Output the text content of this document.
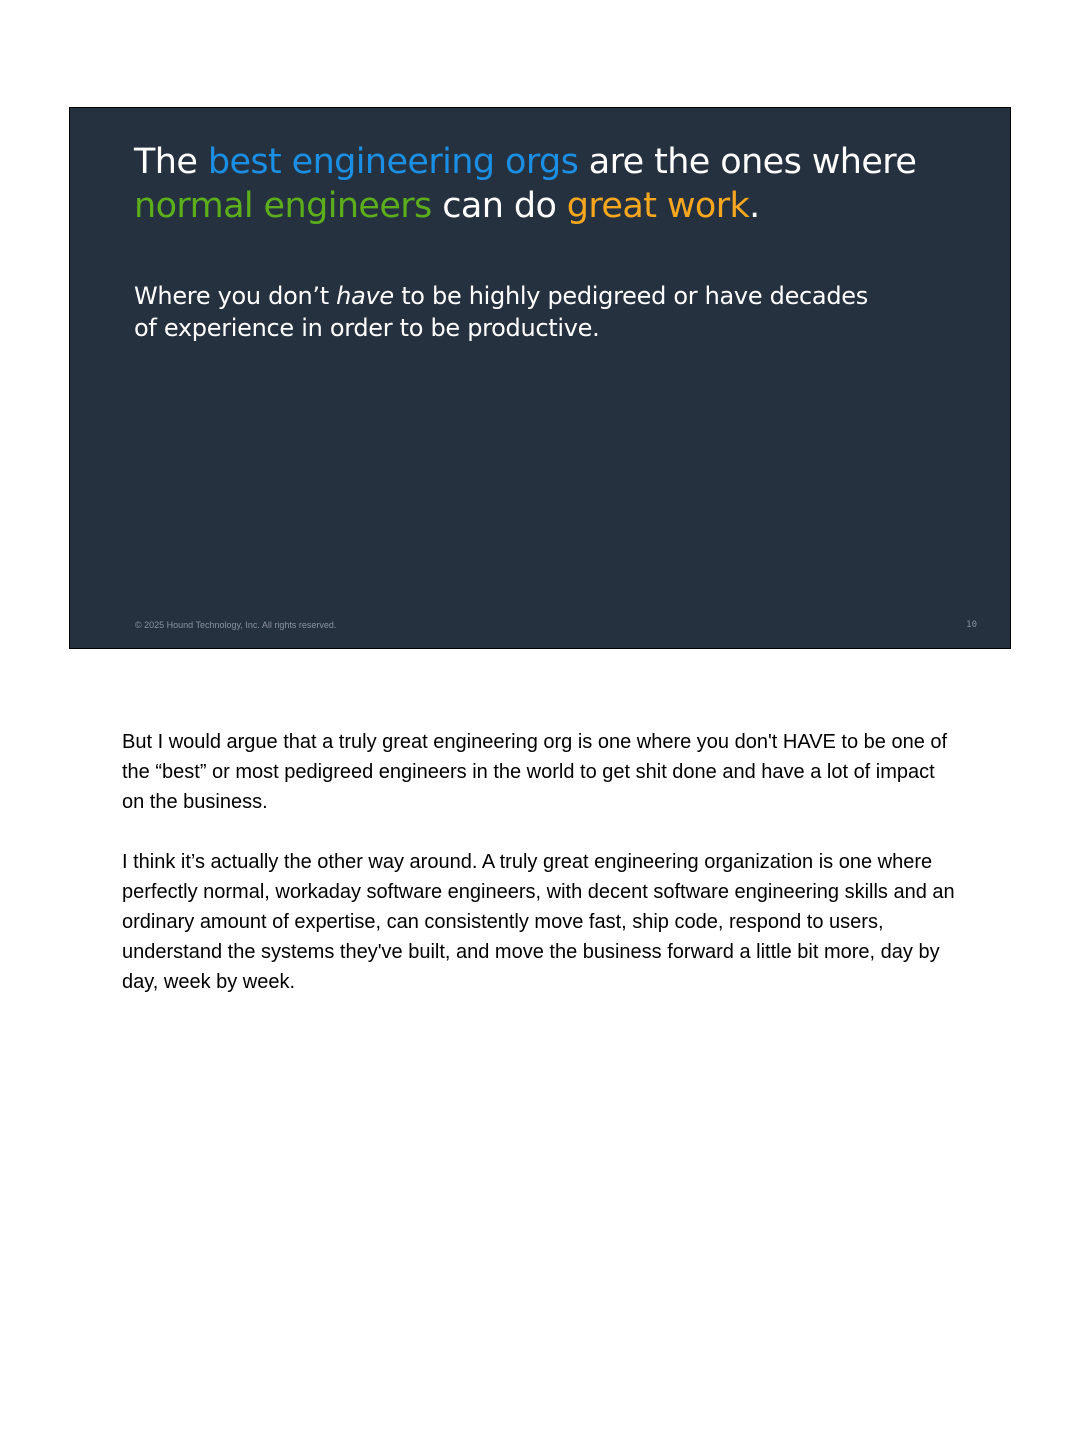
The best engineering orgs are the ones where normal engineers can do great work.

Where you don’t have to be highly pedigreed or have decades of experience in order to be productive.

© 2025 Hound Technology, Inc. All rights reserved.	10

But I would argue that a truly great engineering org is one where you don't HAVE to be one of the “best” or most pedigreed engineers in the world to get shit done and have a lot of impact on the business.

I think it’s actually the other way around. A truly great engineering organization is one where perfectly normal, workaday software engineers, with decent software engineering skills and an ordinary amount of expertise, can consistently move fast, ship code, respond to users, understand the systems they've built, and move the business forward a little bit more, day by day, week by week.
